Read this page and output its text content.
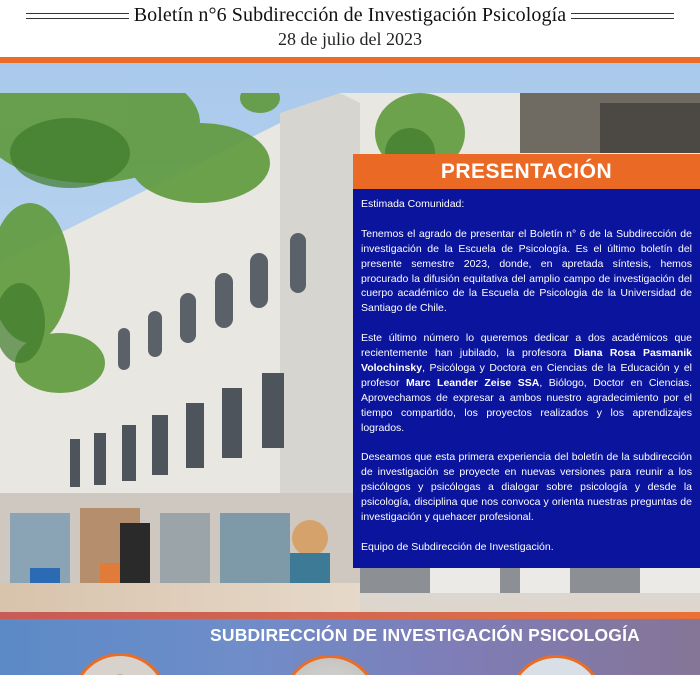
Boletín n°6 Subdirección de Investigación Psicología
28 de julio del 2023
PRESENTACIÓN

Estimada Comunidad:

Tenemos el agrado de presentar el Boletín n° 6 de la Subdirección de investigación de la Escuela de Psicología. Es el último boletín del presente semestre 2023, donde, en apretada síntesis, hemos procurado la difusión equitativa del amplio campo de investigación del cuerpo académico de la Escuela de Psicologia de la Universidad de Santiago de Chile.

Este último número lo queremos dedicar a dos académicos que recientemente han jubilado, la profesora Diana Rosa Pasmanik Volochinsky, Psicóloga y Doctora en Ciencias de la Educación y el profesor Marc Leander Zeise SSA, Biólogo, Doctor en Ciencias. Aprovechamos de expresar a ambos nuestro agradecimiento por el tiempo compartido, los proyectos realizados y los aprendizajes logrados.

Deseamos que esta primera experiencia del boletín de la subdirección de investigación se proyecte en nuevas versiones para reunir a los psicólogos y psicólogas a dialogar sobre psicología y desde la psicología, disciplina que nos convoca y orienta nuestras preguntas de investigación y quehacer profesional.

Equipo de Subdirección de Investigación.

SUBDIRECCIÓN DE INVESTIGACIÓN PSICOLOGÍA
